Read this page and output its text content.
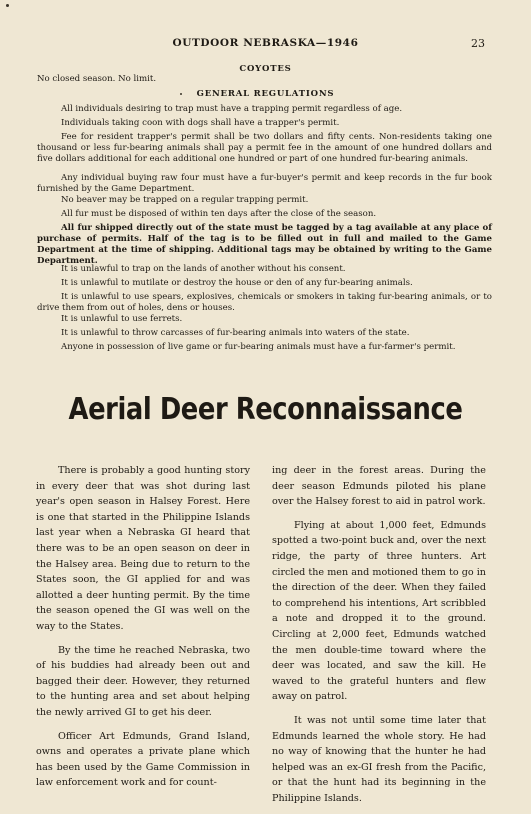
OUTDOOR NEBRASKA—1946	23
COYOTES
No closed season. No limit.
GENERAL REGULATIONS
All individuals desiring to trap must have a trapping permit regardless of age.
Individuals taking coon with dogs shall have a trapper's permit.
Fee for resident trapper's permit shall be two dollars and fifty cents. Non-residents taking one thousand or less fur-bearing animals shall pay a permit fee in the amount of one hundred dollars and five dollars additional for each additional one hundred or part of one hundred fur-bearing animals.
Any individual buying raw four must have a fur-buyer's permit and keep records in the fur book furnished by the Game Department.
No beaver may be trapped on a regular trapping permit.
All fur must be disposed of within ten days after the close of the season.
All fur shipped directly out of the state must be tagged by a tag available at any place of purchase of permits. Half of the tag is to be filled out in full and mailed to the Game Department at the time of shipping. Additional tags may be obtained by writing to the Game Department.
It is unlawful to trap on the lands of another without his consent.
It is unlawful to mutilate or destroy the house or den of any fur-bearing animals.
It is unlawful to use spears, explosives, chemicals or smokers in taking fur-bearing animals, or to drive them from out of holes, dens or houses.
It is unlawful to use ferrets.
It is unlawful to throw carcasses of fur-bearing animals into waters of the state.
Anyone in possession of live game or fur-bearing animals must have a fur-farmer's permit.
Aerial Deer Reconnaissance

There is probably a good hunting story in every deer that was shot during last year's open season in Halsey Forest. Here is one that started in the Philippine Islands last year when a Nebraska GI heard that there was to be an open season on deer in the Halsey area. Being due to return to the States soon, the GI applied for and was allotted a deer hunting permit. By the time the season opened the GI was well on the way to the States.

By the time he reached Nebraska, two of his buddies had already been out and bagged their deer. However, they returned to the hunting area and set about helping the newly arrived GI to get his deer.

Officer Art Edmunds, Grand Island, owns and operates a private plane which has been used by the Game Commission in law enforcement work and for count-

ing deer in the forest areas. During the deer season Edmunds piloted his plane over the Halsey forest to aid in patrol work.

Flying at about 1,000 feet, Edmunds spotted a two-point buck and, over the next ridge, the party of three hunters. Art circled the men and motioned them to go in the direction of the deer. When they failed to comprehend his intentions, Art scribbled a note and dropped it to the ground. Circling at 2,000 feet, Edmunds watched the men double-time toward where the deer was located, and saw the kill. He waved to the grateful hunters and flew away on patrol.

It was not until some time later that Edmunds learned the whole story. He had no way of knowing that the hunter he had helped was an ex-GI fresh from the Pacific, or that the hunt had its beginning in the Philippine Islands.
